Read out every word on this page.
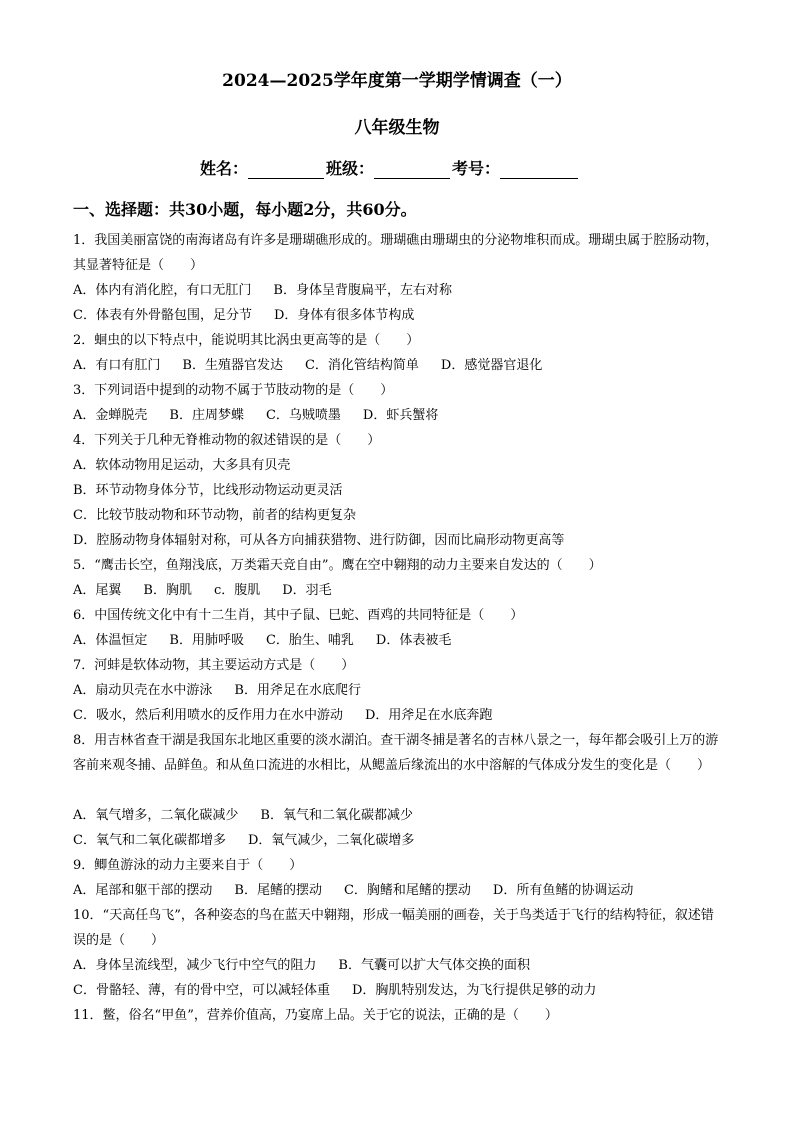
2024—2025学年度第一学期学情调查（一）
八年级生物
姓名：	班级：	考号：
一、选择题：共30小题，每小题2分，共60分。
1．我国美丽富饶的南海诸岛有许多是珊瑚礁形成的。珊瑚礁由珊瑚虫的分泌物堆积而成。珊瑚虫属于腔肠动物，其显著特征是（　　）
A．体内有消化腔，有口无肛门 B．身体呈背腹扁平，左右对称
C．体表有外骨骼包围，足分节 D．身体有很多体节构成
2．蛔虫的以下特点中，能说明其比涡虫更高等的是（　　）
A．有口有肛门 B．生殖器官发达 C．消化管结构简单 D．感觉器官退化
3．下列词语中提到的动物不属于节肢动物的是（　　）
A．金蝉脱壳 B．庄周梦蝶 C．乌贼喷墨 D．虾兵蟹将
4．下列关于几种无脊椎动物的叙述错误的是（　　）
A．软体动物用足运动，大多具有贝壳
B．环节动物身体分节，比线形动物运动更灵活
C．比较节肢动物和环节动物，前者的结构更复杂
D．腔肠动物身体辐射对称，可从各方向捕获猎物、进行防御，因而比扁形动物更高等
5．“鹰击长空，鱼翔浅底，万类霜天竞自由”。鹰在空中翱翔的动力主要来自发达的（　　）
A．尾翼 B．胸肌 c．腹肌 D．羽毛
6．中国传统文化中有十二生肖，其中子鼠、巳蛇、酉鸡的共同特征是（　　）
A．体温恒定 B．用肺呼吸 C．胎生、哺乳 D．体表被毛
7．河蚌是软体动物，其主要运动方式是（　　）
A．扇动贝壳在水中游泳 B．用斧足在水底爬行
C．吸水，然后利用喷水的反作用力在水中游动 D．用斧足在水底奔跑
8．用吉林省查干湖是我国东北地区重要的淡水湖泊。查干湖冬捕是著名的吉林八景之一，每年都会吸引上万的游客前来观冬捕、品鲜鱼。和从鱼口流进的水相比，从鳃盖后缘流出的水中溶解的气体成分发生的变化是（　　）
A．氧气增多，二氧化碳减少 B．氧气和二氧化碳都减少
C．氧气和二氧化碳都增多 D．氧气减少，二氧化碳增多
9．鲫鱼游泳的动力主要来自于（　　）
A．尾部和躯干部的摆动 B．尾鳍的摆动 C．胸鳍和尾鳍的摆动 D．所有鱼鳍的协调运动
10．“天高任鸟飞”，各种姿态的鸟在蓝天中翱翔，形成一幅美丽的画卷，关于鸟类适于飞行的结构特征，叙述错误的是（　　）
A．身体呈流线型，减少飞行中空气的阻力 B．气囊可以扩大气体交换的面积
C．骨骼轻、薄，有的骨中空，可以减轻体重 D．胸肌特别发达，为飞行提供足够的动力
11．鳖，俗名“甲鱼”，营养价值高，乃宴席上品。关于它的说法，正确的是（　　）
